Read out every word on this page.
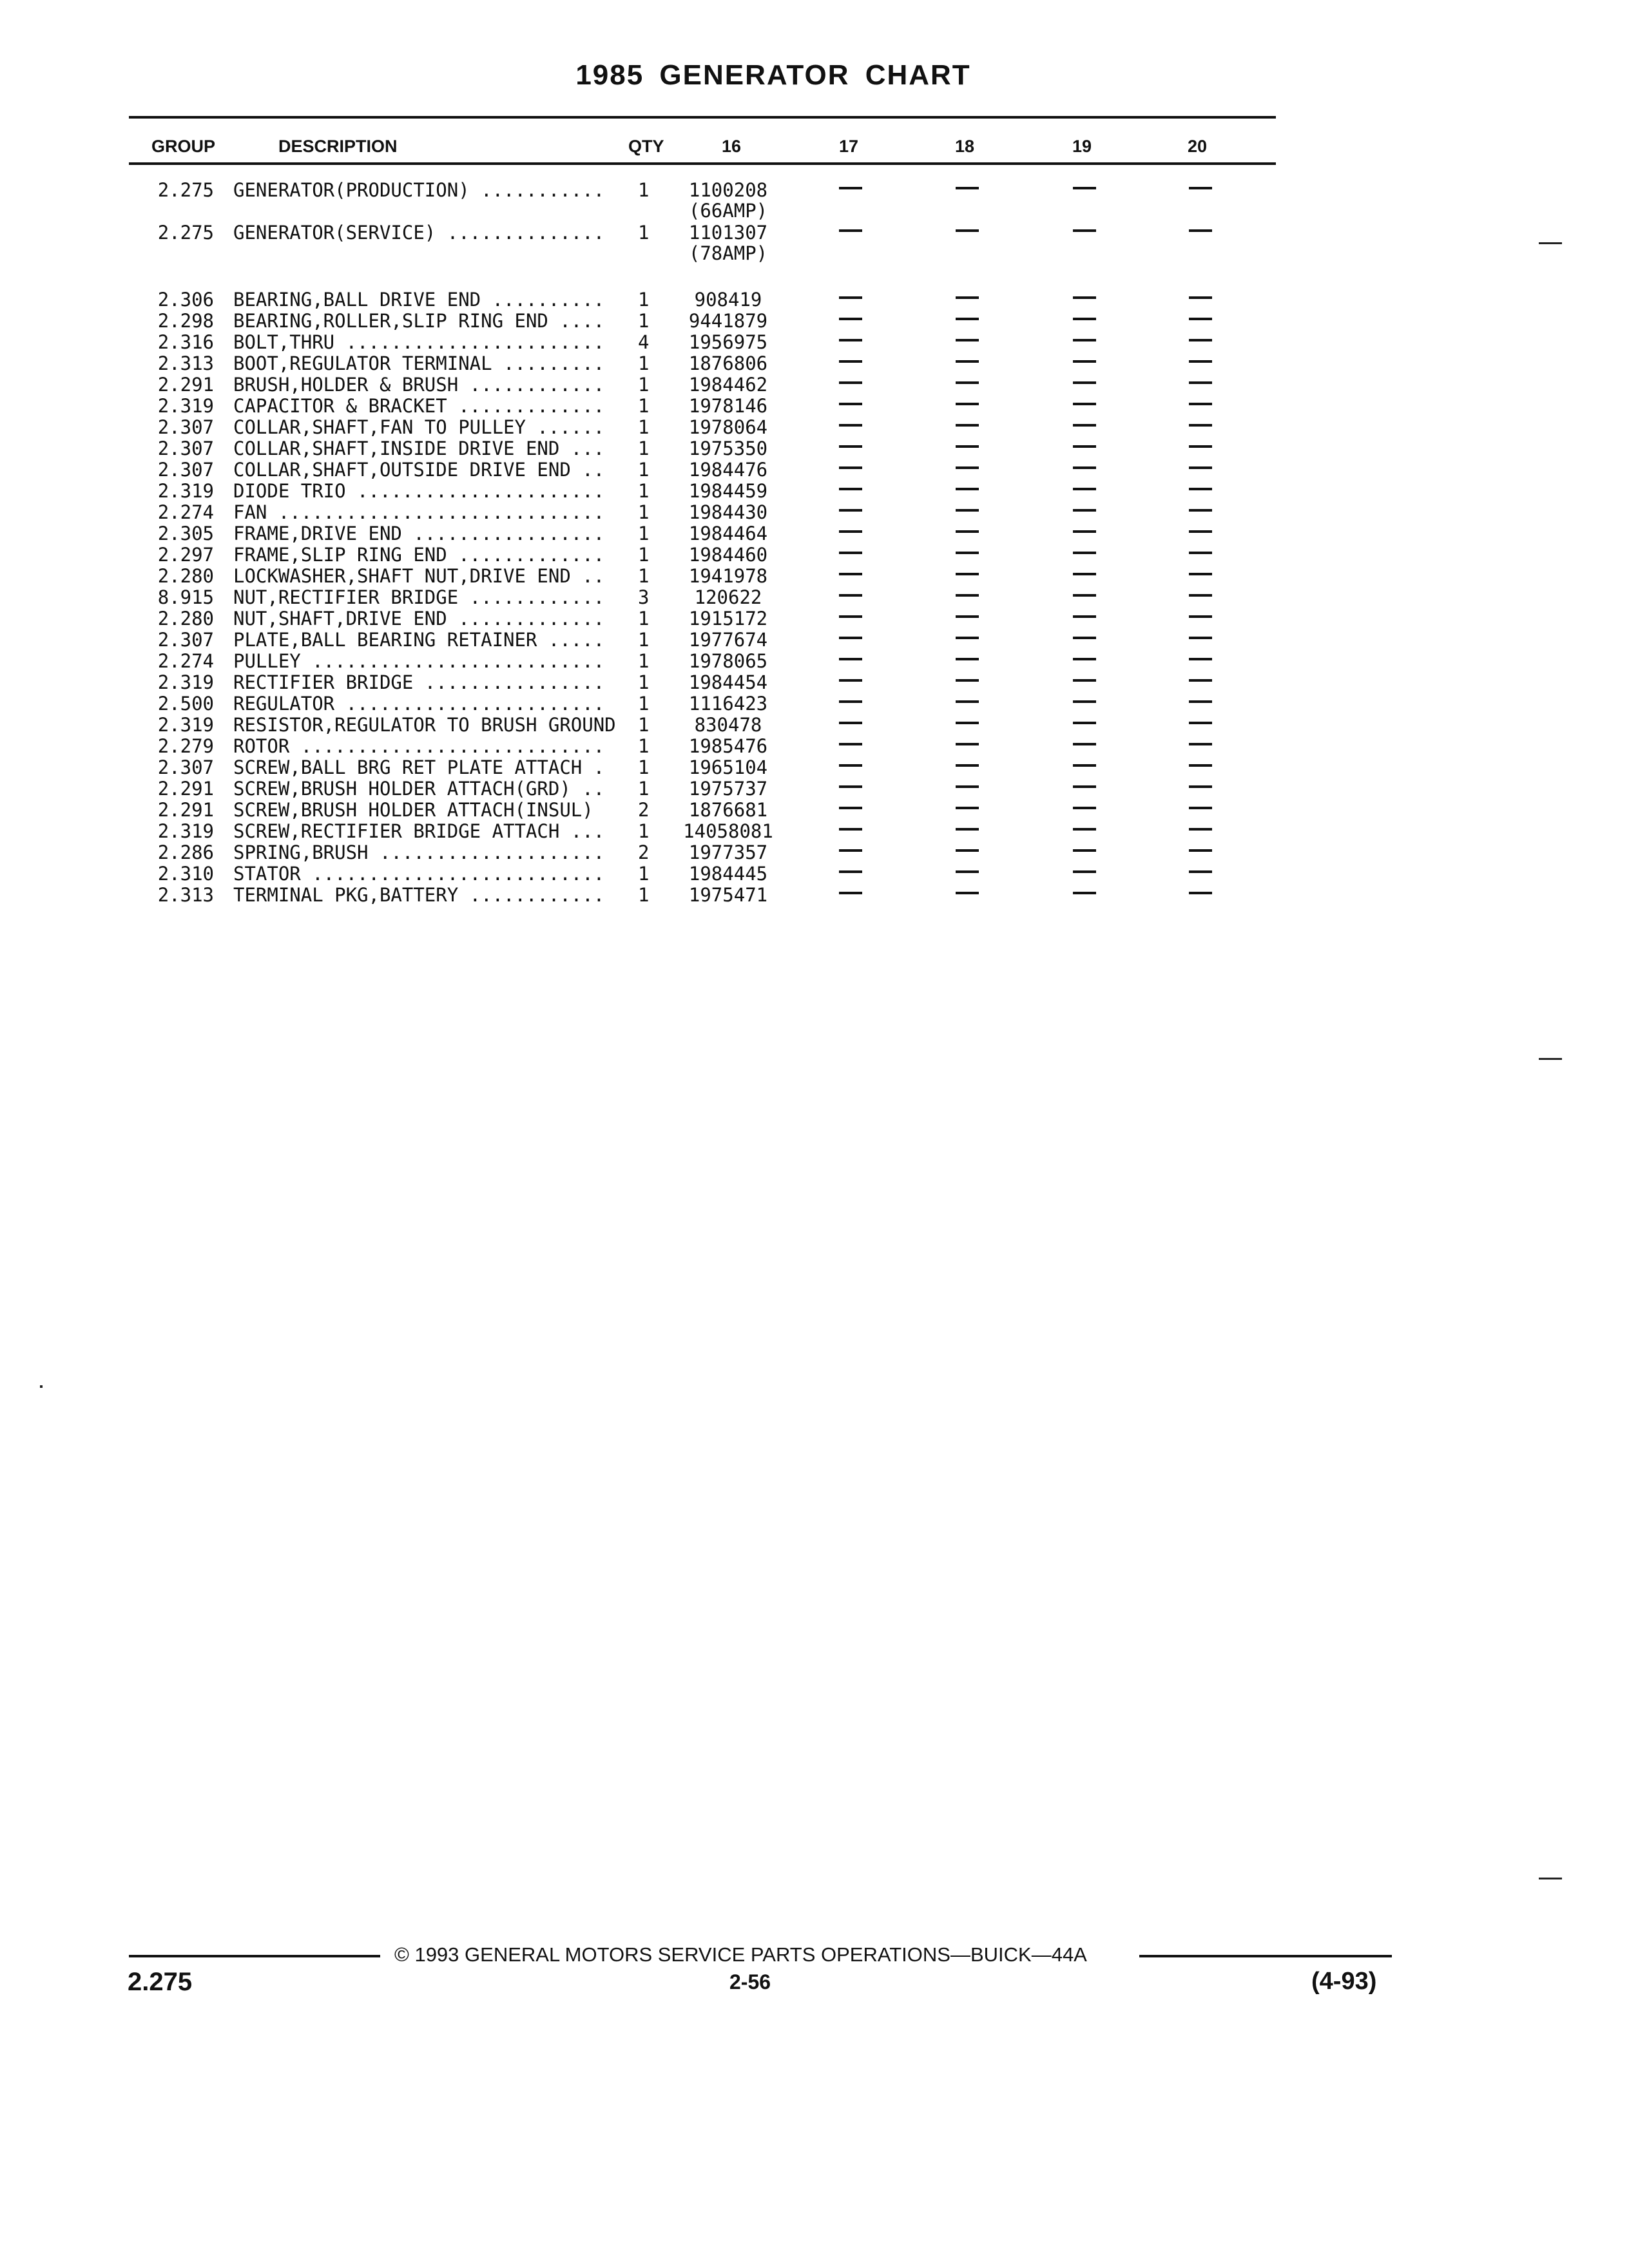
1985 GENERATOR CHART
GROUP	DESCRIPTION	QTY	16	17	18	19	20
2.275 GENERATOR(PRODUCTION) ...........	1	1100208
(66AMP)
2.275 GENERATOR(SERVICE) ..............	1	1101307
(78AMP)
2.306 BEARING,BALL DRIVE END ..........	1	908419
2.298 BEARING,ROLLER,SLIP RING END ....	1	9441879
2.316 BOLT,THRU .......................	4	1956975
2.313 BOOT,REGULATOR TERMINAL .........	1	1876806
2.291 BRUSH,HOLDER & BRUSH ............	1	1984462
2.319 CAPACITOR & BRACKET .............	1	1978146
2.307 COLLAR,SHAFT,FAN TO PULLEY ......	1	1978064
2.307 COLLAR,SHAFT,INSIDE DRIVE END ...	1	1975350
2.307 COLLAR,SHAFT,OUTSIDE DRIVE END ..	1	1984476
2.319 DIODE TRIO ......................	1	1984459
2.274 FAN .............................	1	1984430
2.305 FRAME,DRIVE END .................	1	1984464
2.297 FRAME,SLIP RING END .............	1	1984460
2.280 LOCKWASHER,SHAFT NUT,DRIVE END ..	1	1941978
8.915 NUT,RECTIFIER BRIDGE ............	3	120622
2.280 NUT,SHAFT,DRIVE END .............	1	1915172
2.307 PLATE,BALL BEARING RETAINER .....	1	1977674
2.274 PULLEY ..........................	1	1978065
2.319 RECTIFIER BRIDGE ................	1	1984454
2.500 REGULATOR .......................	1	1116423
2.319 RESISTOR,REGULATOR TO BRUSH GROUND	1	830478
2.279 ROTOR ...........................	1	1985476
2.307 SCREW,BALL BRG RET PLATE ATTACH .	1	1965104
2.291 SCREW,BRUSH HOLDER ATTACH(GRD) ..	1	1975737
2.291 SCREW,BRUSH HOLDER ATTACH(INSUL)	2	1876681
2.319 SCREW,RECTIFIER BRIDGE ATTACH ...	1	14058081
2.286 SPRING,BRUSH ....................	2	1977357
2.310 STATOR ..........................	1	1984445
2.313 TERMINAL PKG,BATTERY ............	1	1975471
© 1993 GENERAL MOTORS SERVICE PARTS OPERATIONS—BUICK—44A
2.275	2-56	(4-93)
